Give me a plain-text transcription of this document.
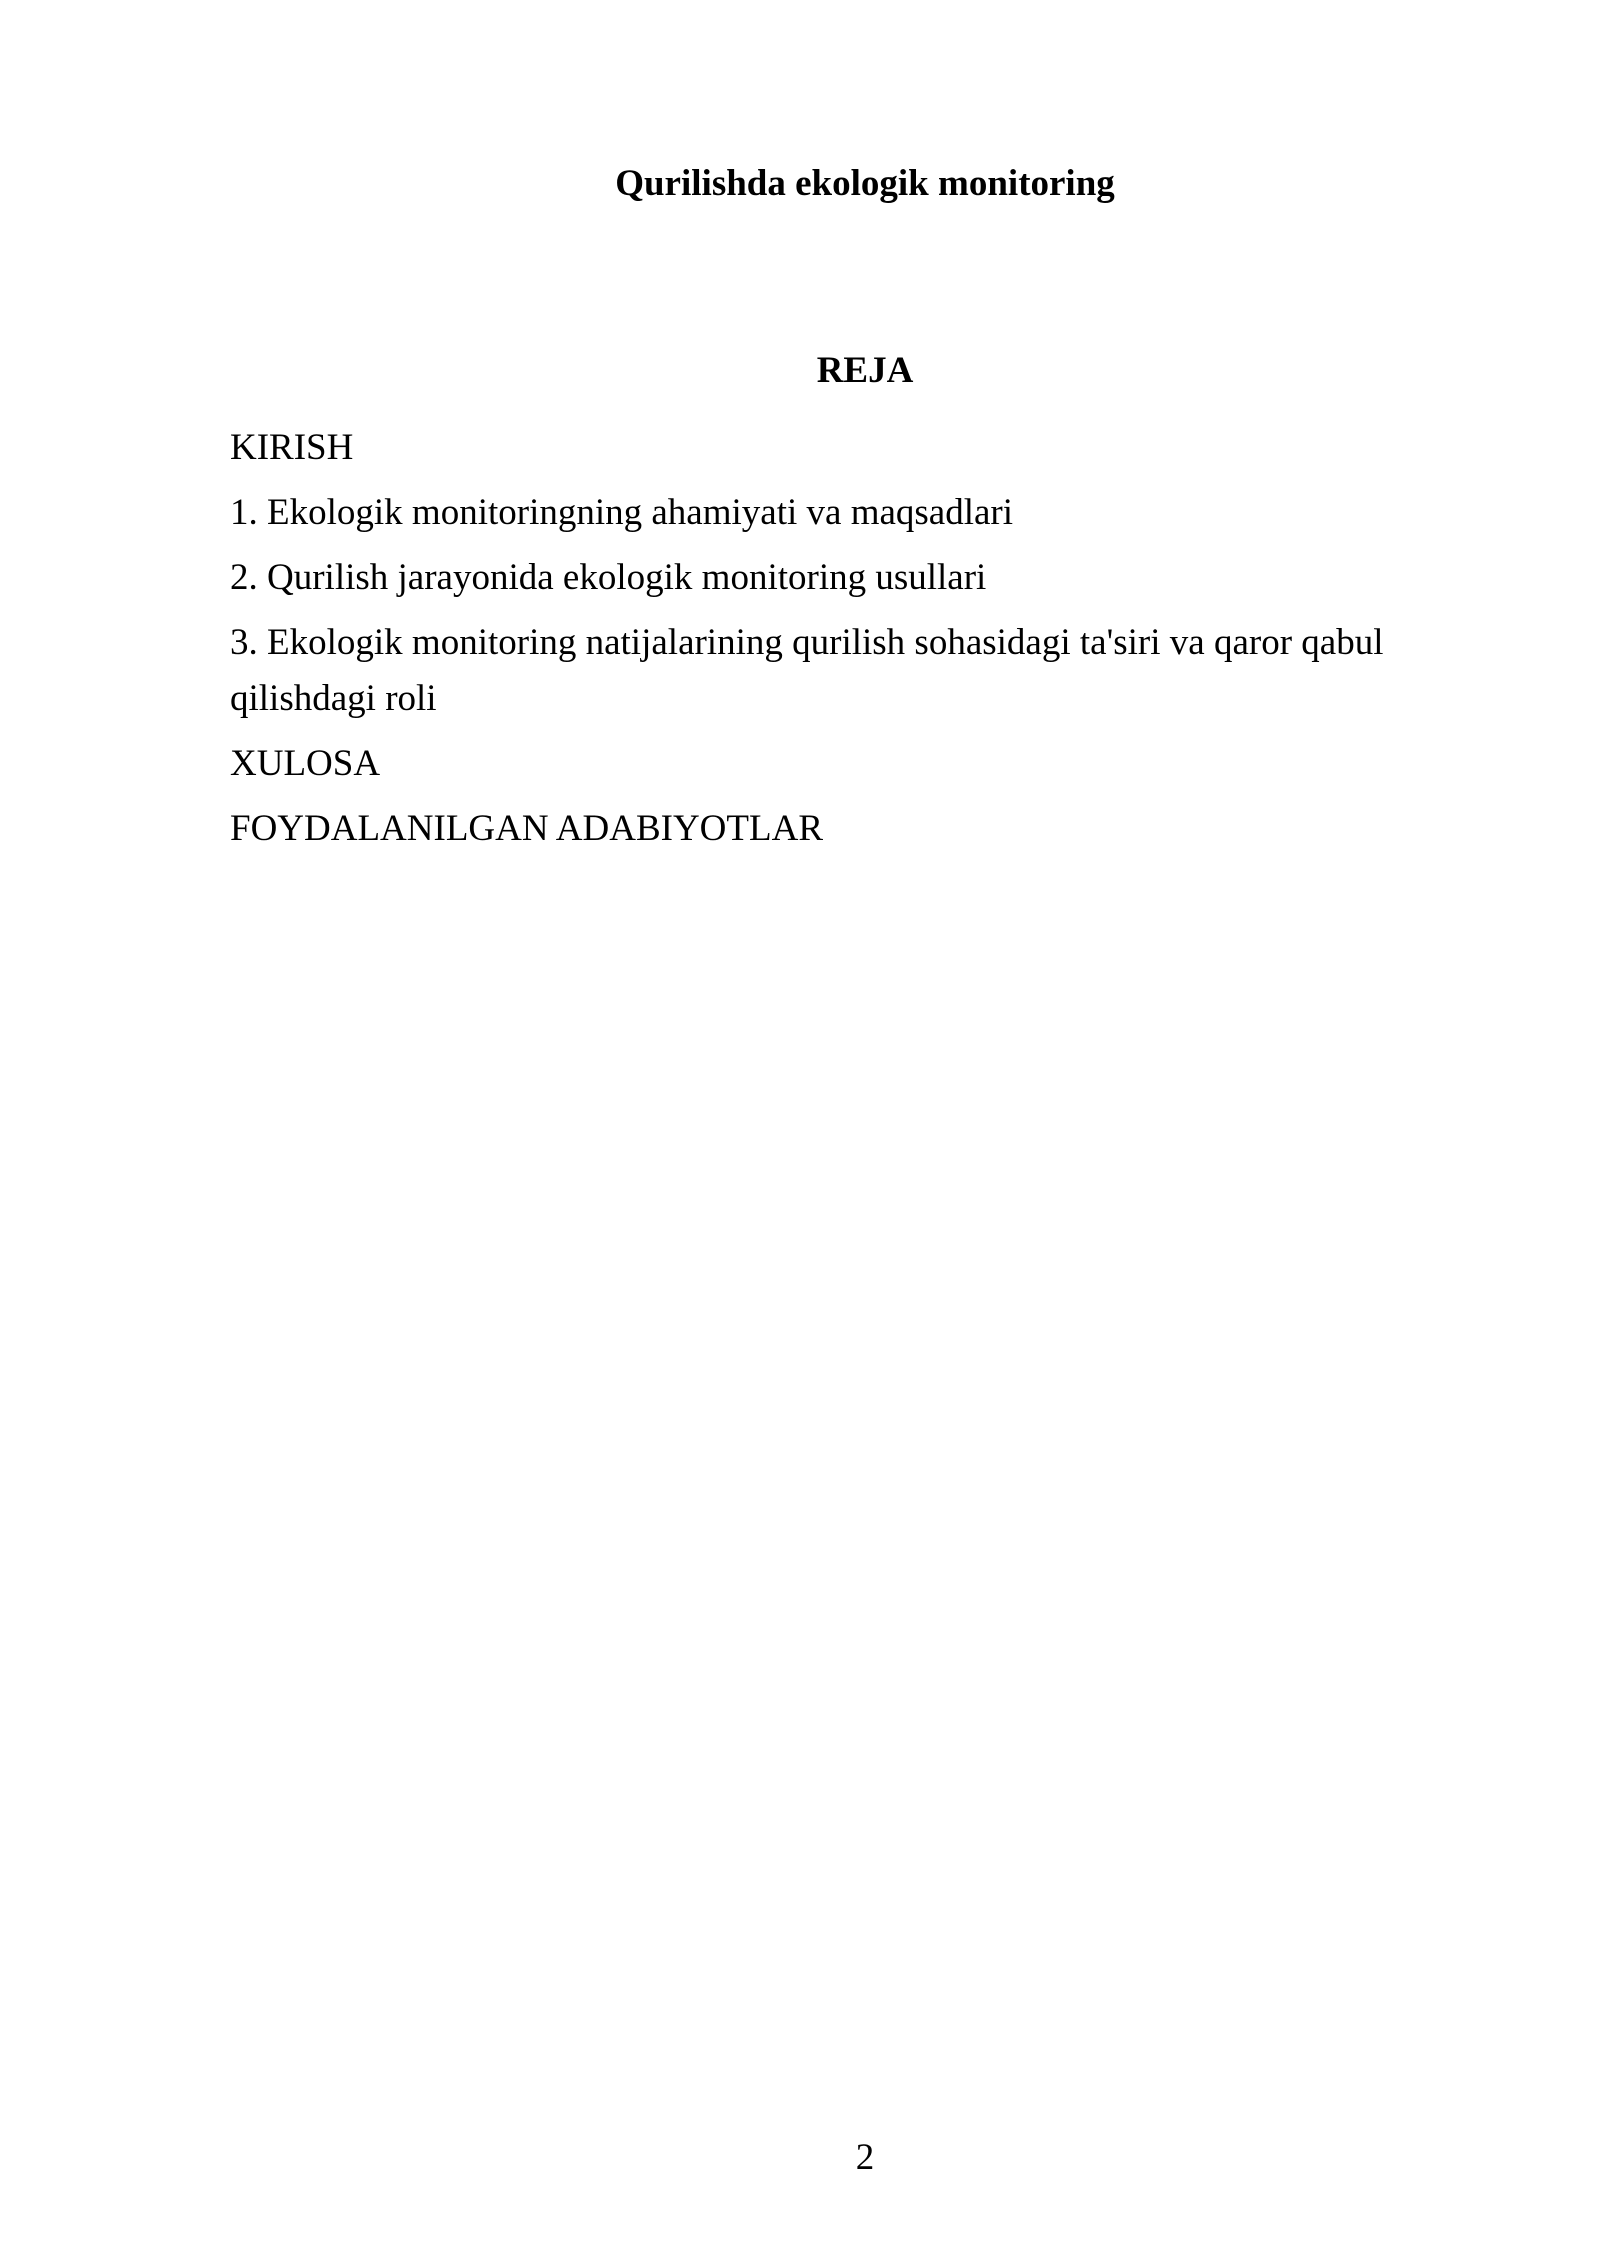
Qurilishda ekologik monitoring
REJA
KIRISH
1. Ekologik monitoringning ahamiyati va maqsadlari
2. Qurilish jarayonida ekologik monitoring usullari
3. Ekologik monitoring natijalarining qurilish sohasidagi ta'siri va qaror qabul qilishdagi roli
XULOSA
FOYDALANILGAN ADABIYOTLAR
2
